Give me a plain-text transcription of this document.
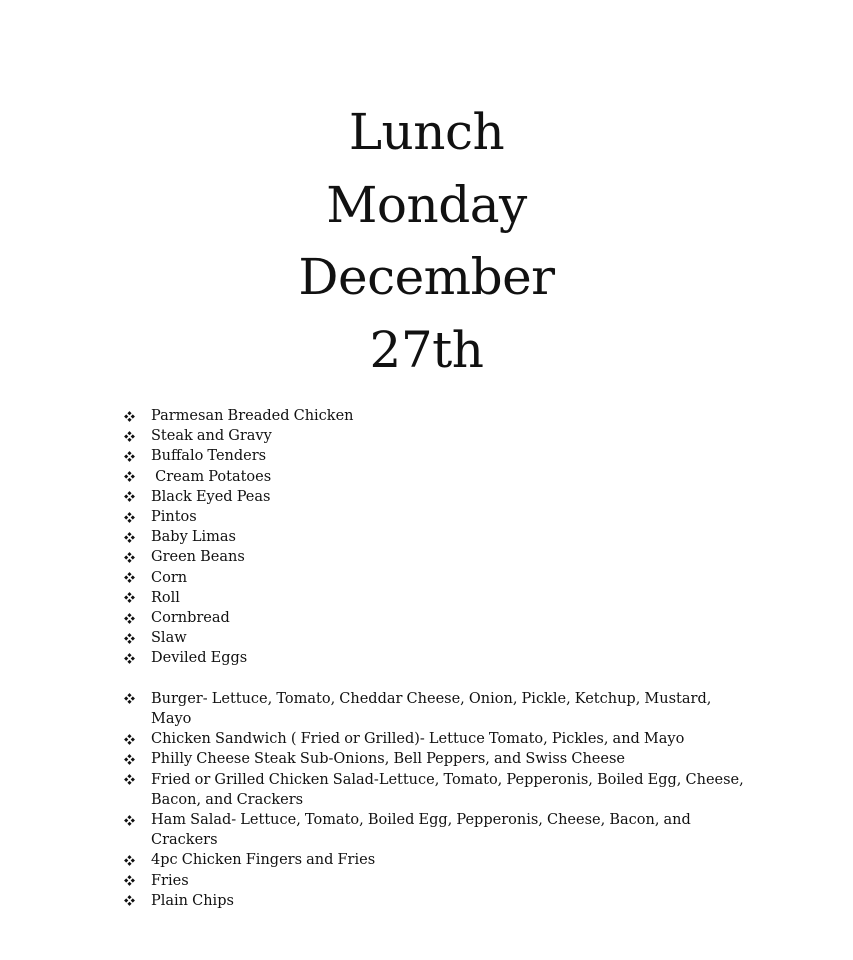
Lunch
Monday
December
27th
Parmesan Breaded Chicken
Steak and Gravy
Buffalo Tenders
Cream Potatoes
Black Eyed Peas
Pintos
Baby Limas
Green Beans
Corn
Roll
Cornbread
Slaw
Deviled Eggs
Burger- Lettuce, Tomato, Cheddar Cheese, Onion, Pickle, Ketchup, Mustard, Mayo
Chicken Sandwich ( Fried or Grilled)- Lettuce Tomato, Pickles, and Mayo
Philly Cheese Steak Sub-Onions, Bell Peppers, and Swiss Cheese
Fried or Grilled Chicken Salad-Lettuce, Tomato, Pepperonis, Boiled Egg, Cheese, Bacon, and Crackers
Ham Salad- Lettuce, Tomato, Boiled Egg, Pepperonis, Cheese, Bacon, and Crackers
4pc Chicken Fingers and Fries
Fries
Plain Chips
